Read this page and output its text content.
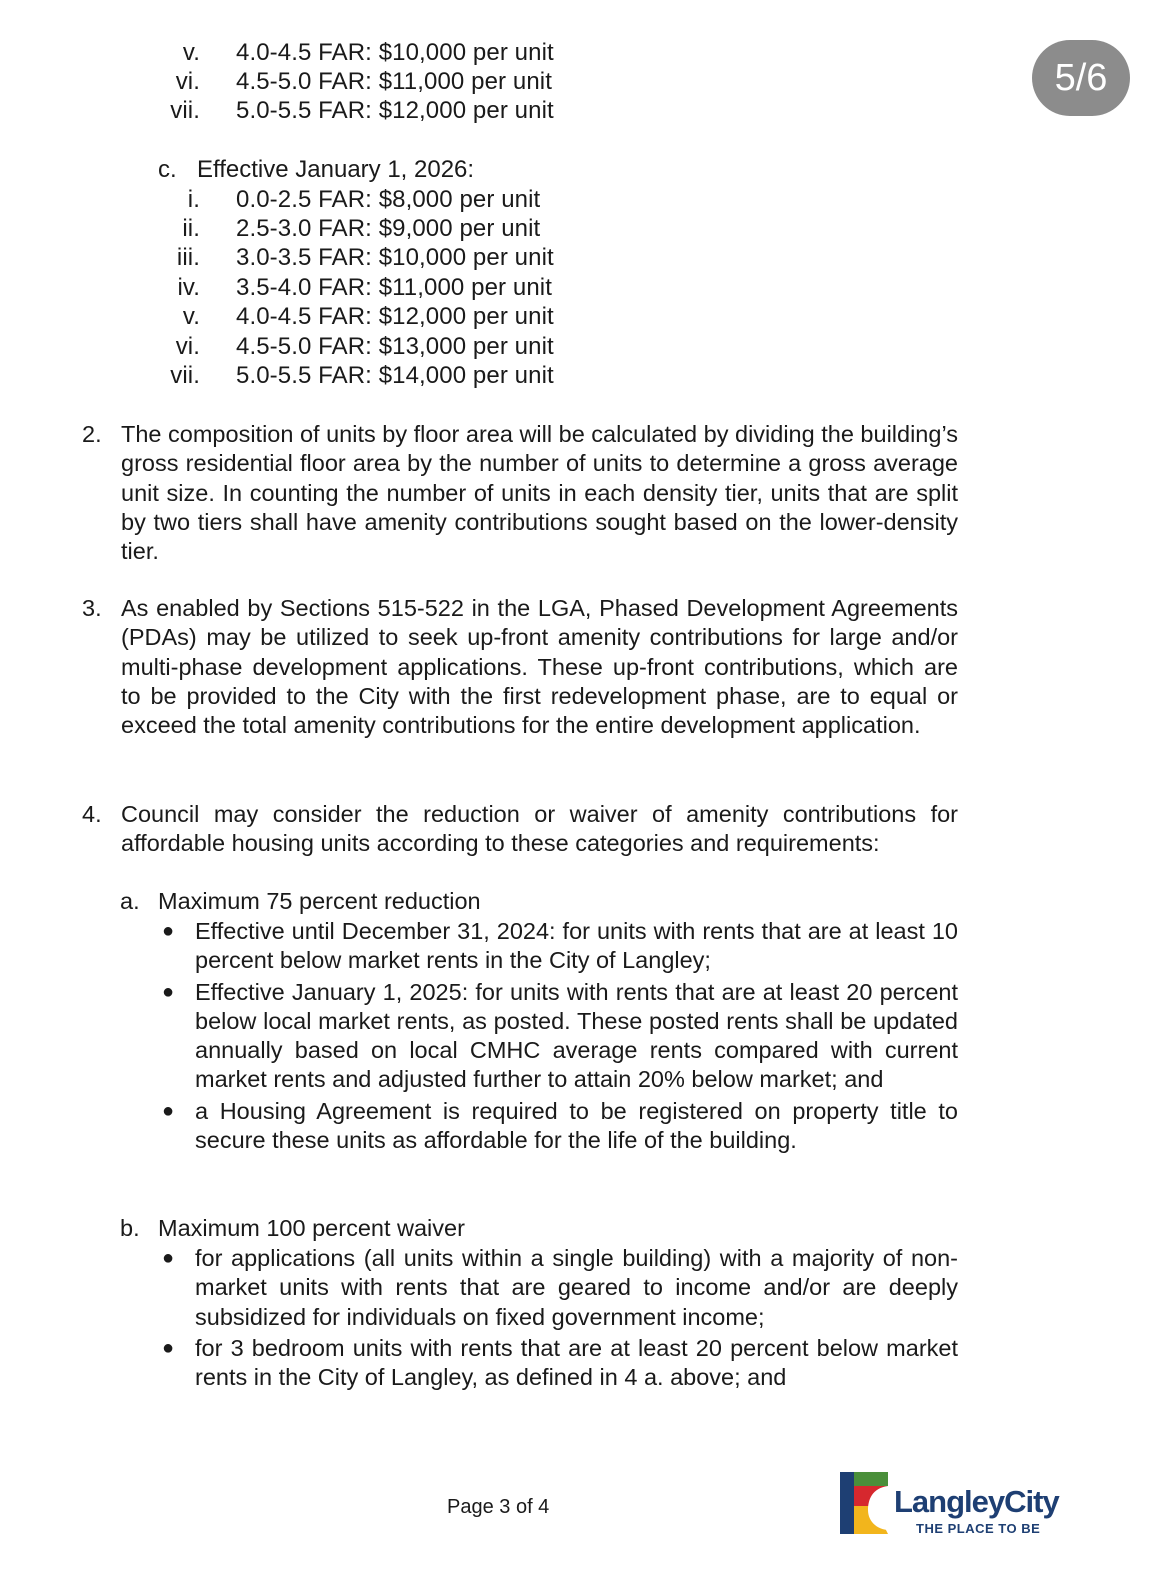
5/6
v.	4.0-4.5 FAR: $10,000 per unit
vi.	4.5-5.0 FAR: $11,000 per unit
vii.	5.0-5.5 FAR: $12,000 per unit
c. Effective January 1, 2026:
i.	0.0-2.5 FAR: $8,000 per unit
ii.	2.5-3.0 FAR: $9,000 per unit
iii.	3.0-3.5 FAR: $10,000 per unit
iv.	3.5-4.0 FAR: $11,000 per unit
v.	4.0-4.5 FAR: $12,000 per unit
vi.	4.5-5.0 FAR: $13,000 per unit
vii.	5.0-5.5 FAR: $14,000 per unit
2. The composition of units by floor area will be calculated by dividing the building’s gross residential floor area by the number of units to determine a gross average unit size. In counting the number of units in each density tier, units that are split by two tiers shall have amenity contributions sought based on the lower-density tier.
3. As enabled by Sections 515-522 in the LGA, Phased Development Agreements (PDAs) may be utilized to seek up-front amenity contributions for large and/or multi-phase development applications. These up-front contributions, which are to be provided to the City with the first redevelopment phase, are to equal or exceed the total amenity contributions for the entire development application.
4. Council may consider the reduction or waiver of amenity contributions for affordable housing units according to these categories and requirements:
a. Maximum 75 percent reduction
● Effective until December 31, 2024: for units with rents that are at least 10 percent below market rents in the City of Langley;
● Effective January 1, 2025: for units with rents that are at least 20 percent below local market rents, as posted. These posted rents shall be updated annually based on local CMHC average rents compared with current market rents and adjusted further to attain 20% below market; and
● a Housing Agreement is required to be registered on property title to secure these units as affordable for the life of the building.
b. Maximum 100 percent waiver
● for applications (all units within a single building) with a majority of non-market units with rents that are geared to income and/or are deeply subsidized for individuals on fixed government income;
● for 3 bedroom units with rents that are at least 20 percent below market rents in the City of Langley, as defined in 4 a. above; and
Page 3 of 4	LangleyCity
THE PLACE TO BE
